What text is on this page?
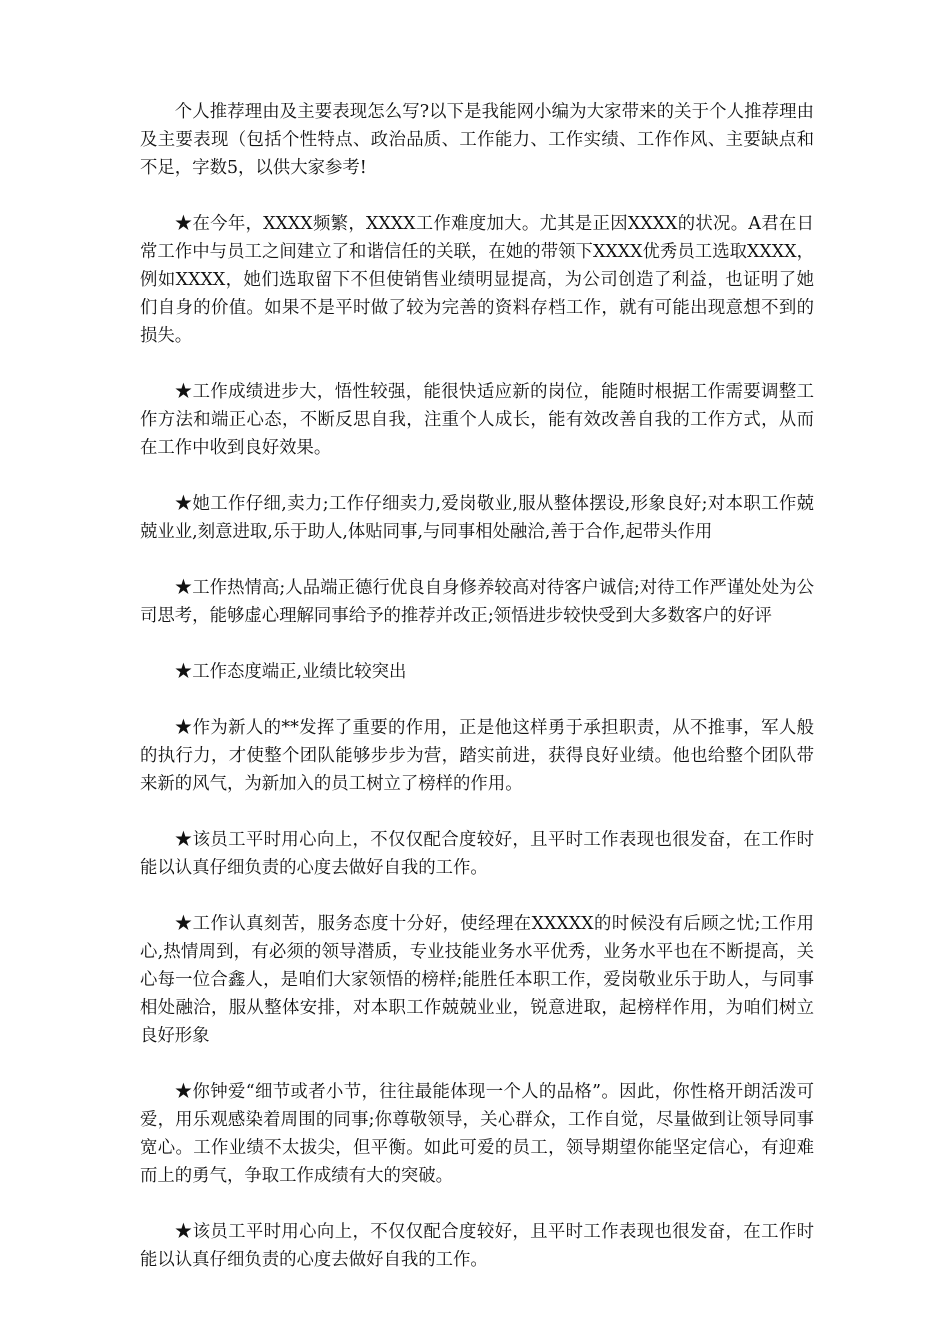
个人推荐理由及主要表现怎么写?以下是我能网小编为大家带来的关于个人推荐理由及主要表现（包括个性特点、政治品质、工作能力、工作实绩、工作作风、主要缺点和不足，字数5，以供大家参考!

★在今年，XXXX频繁，XXXX工作难度加大。尤其是正因XXXX的状况。A君在日常工作中与员工之间建立了和谐信任的关联，在她的带领下XXXX优秀员工选取XXXX，例如XXXX，她们选取留下不但使销售业绩明显提高，为公司创造了利益，也证明了她们自身的价值。如果不是平时做了较为完善的资料存档工作，就有可能出现意想不到的损失。

★工作成绩进步大，悟性较强，能很快适应新的岗位，能随时根据工作需要调整工作方法和端正心态，不断反思自我，注重个人成长，能有效改善自我的工作方式，从而在工作中收到良好效果。

★她工作仔细,卖力;工作仔细卖力,爱岗敬业,服从整体摆设,形象良好;对本职工作兢兢业业,刻意进取,乐于助人,体贴同事,与同事相处融洽,善于合作,起带头作用

★工作热情高;人品端正德行优良自身修养较高对待客户诚信;对待工作严谨处处为公司思考，能够虚心理解同事给予的推荐并改正;领悟进步较快受到大多数客户的好评

★工作态度端正,业绩比较突出

★作为新人的**发挥了重要的作用，正是他这样勇于承担职责，从不推事，军人般的执行力，才使整个团队能够步步为营，踏实前进，获得良好业绩。他也给整个团队带来新的风气，为新加入的员工树立了榜样的作用。

★该员工平时用心向上，不仅仅配合度较好，且平时工作表现也很发奋，在工作时能以认真仔细负责的心度去做好自我的工作。

★工作认真刻苦，服务态度十分好，使经理在XXXXX的时候没有后顾之忧;工作用心,热情周到，有必须的领导潜质，专业技能业务水平优秀，业务水平也在不断提高，关心每一位合鑫人，是咱们大家领悟的榜样;能胜任本职工作，爱岗敬业乐于助人，与同事相处融洽，服从整体安排，对本职工作兢兢业业，锐意进取，起榜样作用，为咱们树立良好形象

★你钟爱“细节或者小节，往往最能体现一个人的品格”。因此，你性格开朗活泼可爱，用乐观感染着周围的同事;你尊敬领导，关心群众，工作自觉，尽量做到让领导同事宽心。工作业绩不太拔尖，但平衡。如此可爱的员工，领导期望你能坚定信心，有迎难而上的勇气，争取工作成绩有大的突破。

★该员工平时用心向上，不仅仅配合度较好，且平时工作表现也很发奋，在工作时能以认真仔细负责的心度去做好自我的工作。
